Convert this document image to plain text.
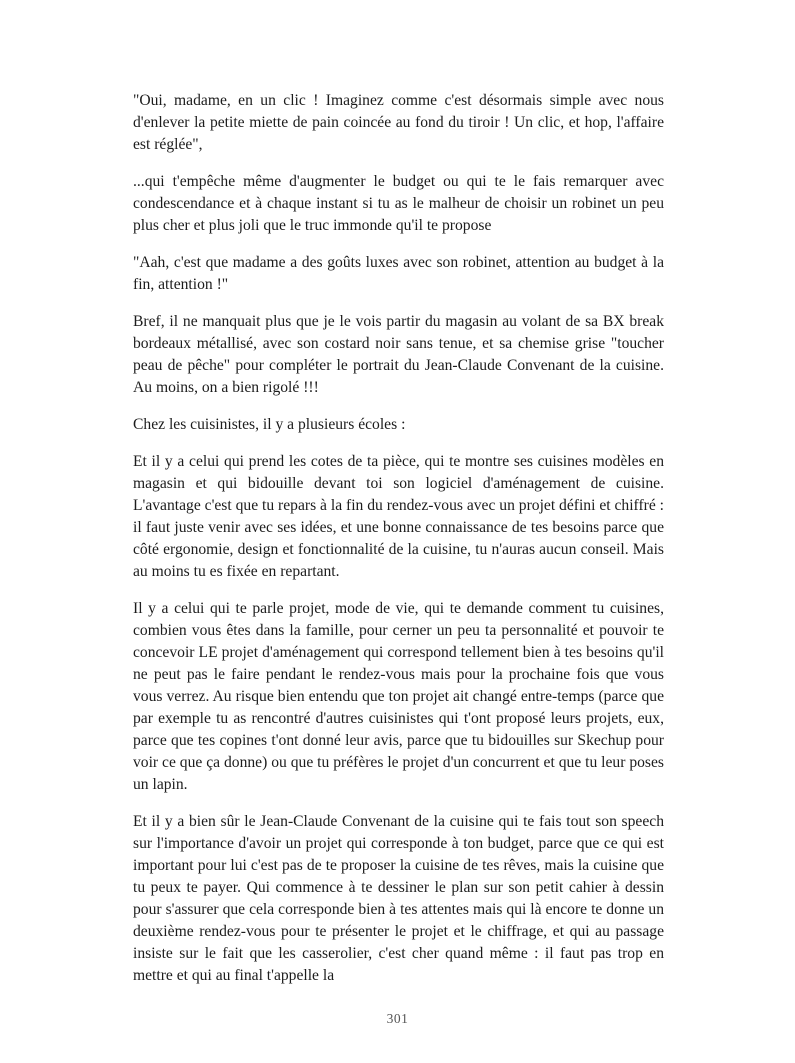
"Oui, madame, en un clic ! Imaginez comme c'est désormais simple avec nous d'enlever la petite miette de pain coincée au fond du tiroir ! Un clic, et hop, l'affaire est réglée",

...qui t'empêche même d'augmenter le budget ou qui te le fais remarquer avec condescendance et à chaque instant si tu as le malheur de choisir un robinet un peu plus cher et plus joli que le truc immonde qu'il te propose

"Aah, c'est que madame a des goûts luxes avec son robinet, attention au budget à la fin, attention !"

Bref, il ne manquait plus que je le vois partir du magasin au volant de sa BX break bordeaux métallisé, avec son costard noir sans tenue, et sa chemise grise "toucher peau de pêche" pour compléter le portrait du Jean-Claude Convenant de la cuisine. Au moins, on a bien rigolé !!!

Chez les cuisinistes, il y a plusieurs écoles :

Et il y a celui qui prend les cotes de ta pièce, qui te montre ses cuisines modèles en magasin et qui bidouille devant toi son logiciel d'aménagement de cuisine. L'avantage c'est que tu repars à la fin du rendez-vous avec un projet défini et chiffré : il faut juste venir avec ses idées, et une bonne connaissance de tes besoins parce que côté ergonomie, design et fonctionnalité de la cuisine, tu n'auras aucun conseil. Mais au moins tu es fixée en repartant.

Il y a celui qui te parle projet, mode de vie, qui te demande comment tu cuisines, combien vous êtes dans la famille, pour cerner un peu ta personnalité et pouvoir te concevoir LE projet d'aménagement qui correspond tellement bien à tes besoins qu'il ne peut pas le faire pendant le rendez-vous mais pour la prochaine fois que vous vous verrez. Au risque bien entendu que ton projet ait changé entre-temps (parce que par exemple tu as rencontré d'autres cuisinistes qui t'ont proposé leurs projets, eux, parce que tes copines t'ont donné leur avis, parce que tu bidouilles sur Skechup pour voir ce que ça donne) ou que tu préfères le projet d'un concurrent et que tu leur poses un lapin.

Et il y a bien sûr le Jean-Claude Convenant de la cuisine qui te fais tout son speech sur l'importance d'avoir un projet qui corresponde à ton budget, parce que ce qui est important pour lui c'est pas de te proposer la cuisine de tes rêves, mais la cuisine que tu peux te payer. Qui commence à te dessiner le plan sur son petit cahier à dessin pour s'assurer que cela corresponde bien à tes attentes mais qui là encore te donne un deuxième rendez-vous pour te présenter le projet et le chiffrage, et qui au passage insiste sur le fait que les casserolier, c'est cher quand même : il faut pas trop en mettre et qui au final t'appelle la

301
